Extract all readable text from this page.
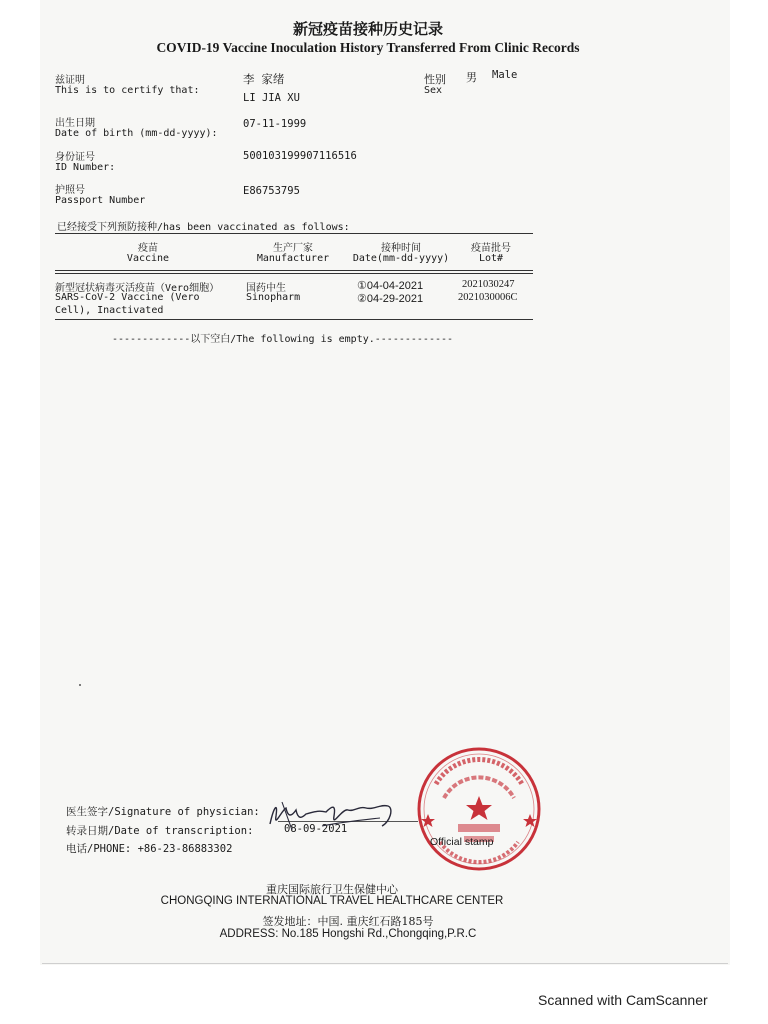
新冠疫苗接种历史记录
COVID-19 Vaccine Inoculation History Transferred From Clinic Records
兹证明
This is to certify that:
李 家绪
LI JIA XU
性别
Sex
男 Male
出生日期
Date of birth (mm-dd-yyyy):
07-11-1999
身份证号
ID Number:
500103199907116516
护照号
Passport Number
E86753795
已经接受下列预防接种/has been vaccinated as follows:
疫苗
Vaccine
生产厂家
Manufacturer
接种时间
Date(mm-dd-yyyy)
疫苗批号
Lot#
新型冠状病毒灭活疫苗（Vero细胞）
SARS-CoV-2 Vaccine (Vero
Cell), Inactivated
国药中生
Sinopharm
①04-04-2021
②04-29-2021
2021030247
2021030006C
-------------以下空白/The following is empty.-------------
医生签字/Signature of physician:
转录日期/Date of transcription:
电话/PHONE: +86-23-86883302
08-09-2021
Official stamp
重庆国际旅行卫生保健中心
CHONGQING INTERNATIONAL TRAVEL HEALTHCARE CENTER
签发地址：中国. 重庆红石路185号
ADDRESS: No.185 Hongshi Rd.,Chongqing,P.R.C
Scanned with CamScanner
